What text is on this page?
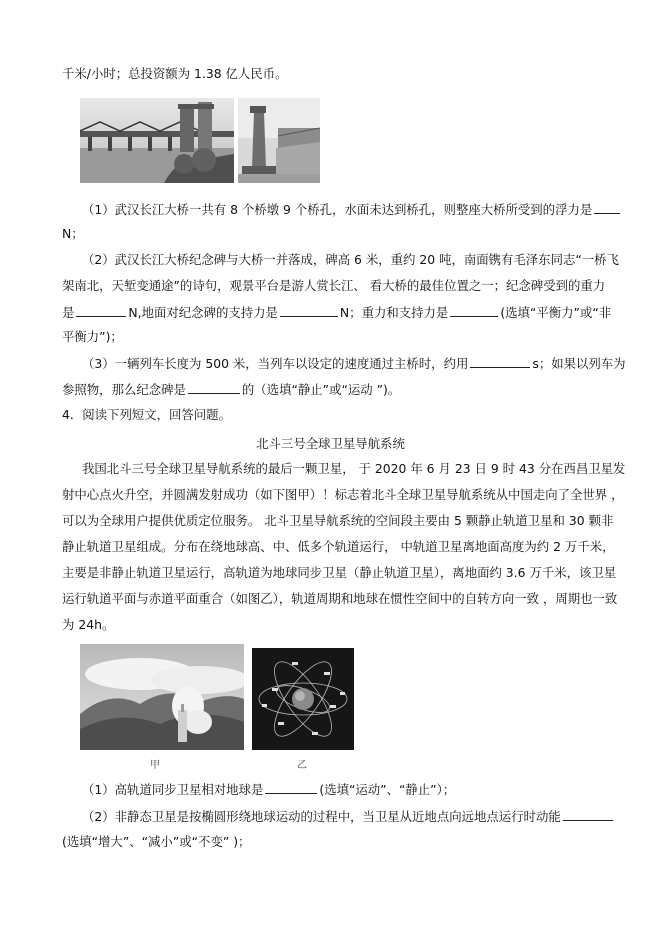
千米/小时；总投资额为 1.38 亿人民币。
（1）武汉长江大桥一共有 8 个桥墩 9 个桥孔，水面未达到桥孔，则整座大桥所受到的浮力是
N；
（2）武汉长江大桥纪念碑与大桥一并落成，碑高 6 米，重约 20 吨，南面镌有毛泽东同志“一桥飞
架南北，天堑变通途”的诗句，观景平台是游人赏长江、 看大桥的最佳位置之一；纪念碑受到的重力
是	N,地面对纪念碑的支持力是	N；重力和支持力是	(选填“平衡力”或“非
平衡力”)；
（3）一辆列车长度为 500 米，当列车以设定的速度通过主桥时，约用	s；如果以列车为
参照物，那么纪念碑是	的（选填“静止”或“运动 ”)。
4．阅读下列短文，回答问题。
北斗三号全球卫星导航系统
我国北斗三号全球卫星导航系统的最后一颗卫星， 于 2020 年 6 月 23 日 9 时 43 分在西昌卫星发
射中心点火升空，并圆满发射成功（如下图甲）！标志着北斗全球卫星导航系统从中国走向了全世界 ，
可以为全球用户提供优质定位服务。 北斗卫星导航系统的空间段主要由 5 颗静止轨道卫星和 30 颗非
静止轨道卫星组成。分布在绕地球高、中、低多个轨道运行， 中轨道卫星离地面高度为约 2 万千米，
主要是非静止轨道卫星运行，高轨道为地球同步卫星（静止轨道卫星），离地面约 3.6 万千米，该卫星
运行轨道平面与赤道平面重合（如图乙），轨道周期和地球在惯性空间中的自转方向一致 ，周期也一致
为 24h。
甲	乙
（1）高轨道同步卫星相对地球是	(选填“运动”、“静止”）；
（2）非静态卫星是按椭圆形绕地球运动的过程中，当卫星从近地点向远地点运行时动能
(选填“增大”、“减小”或“不变” )；
